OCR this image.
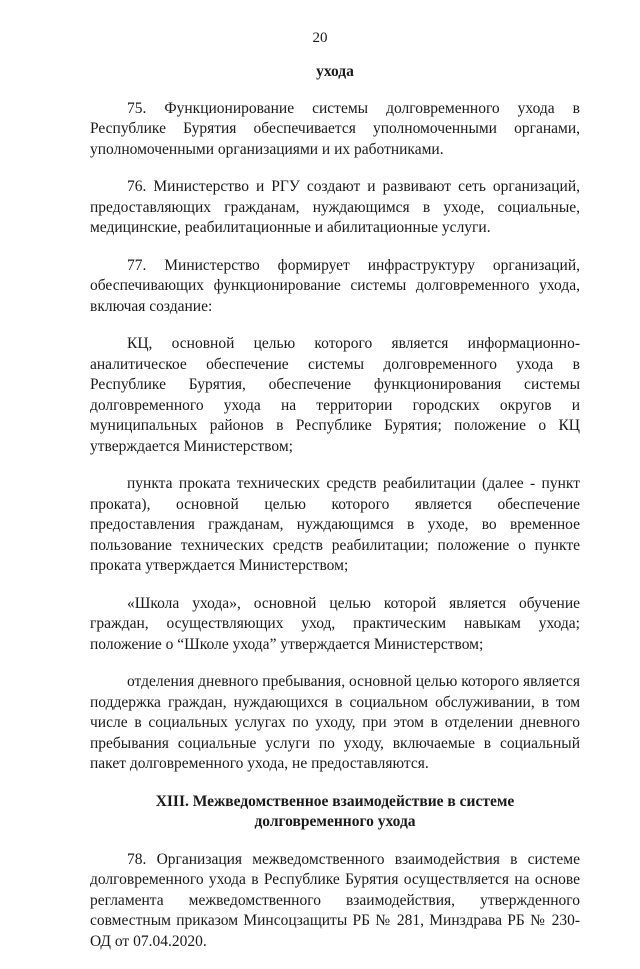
20

ухода

75. Функционирование системы долговременного ухода в Республике Бурятия обеспечивается уполномоченными органами, уполномоченными организациями и их работниками.

76. Министерство и РГУ создают и развивают сеть организаций, предоставляющих гражданам, нуждающимся в уходе, социальные, медицинские, реабилитационные и абилитационные услуги.

77. Министерство формирует инфраструктуру организаций, обеспечивающих функционирование системы долговременного ухода, включая создание:

КЦ, основной целью которого является информационно-аналитическое обеспечение системы долговременного ухода в Республике Бурятия, обеспечение функционирования системы долговременного ухода на территории городских округов и муниципальных районов в Республике Бурятия; положение о КЦ утверждается Министерством;

пункта проката технических средств реабилитации (далее - пункт проката), основной целью которого является обеспечение предоставления гражданам, нуждающимся в уходе, во временное пользование технических средств реабилитации; положение о пункте проката утверждается Министерством;

«Школа ухода», основной целью которой является обучение граждан, осуществляющих уход, практическим навыкам ухода; положение о “Школе ухода” утверждается Министерством;

отделения дневного пребывания, основной целью которого является поддержка граждан, нуждающихся в социальном обслуживании, в том числе в социальных услугах по уходу, при этом в отделении дневного пребывания социальные услуги по уходу, включаемые в социальный пакет долговременного ухода, не предоставляются.

XIII. Межведомственное взаимодействие в системе
долговременного ухода

78. Организация межведомственного взаимодействия в системе долговременного ухода в Республике Бурятия осуществляется на основе регламента межведомственного взаимодействия, утвержденного совместным приказом Минсоцзащиты РБ № 281, Минздрава РБ № 230-ОД от 07.04.2020.
